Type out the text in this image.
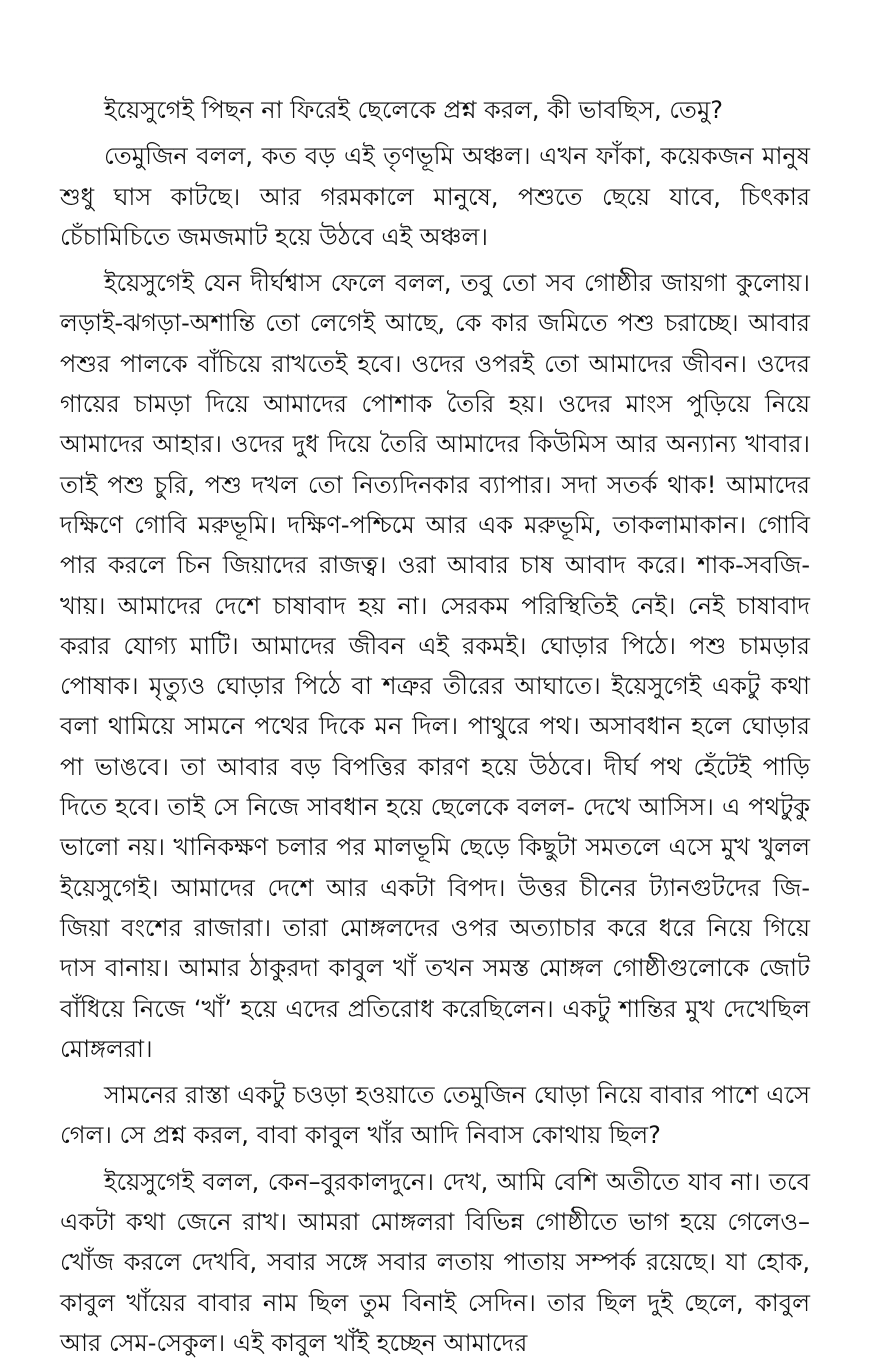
ইয়েসুগেই পিছন না ফিরেই ছেলেকে প্রশ্ন করল, কী ভাবছিস, তেমু?

তেমুজিন বলল, কত বড় এই তৃণভূমি অঞ্চল। এখন ফাঁকা, কয়েকজন মানুষ শুধু ঘাস কাটছে। আর গরমকালে মানুষে, পশুতে ছেয়ে যাবে, চিৎকার চেঁচামিচিতে জমজমাট হয়ে উঠবে এই অঞ্চল।

ইয়েসুগেই যেন দীর্ঘশ্বাস ফেলে বলল, তবু তো সব গোষ্ঠীর জায়গা কুলোয়। লড়াই-ঝগড়া-অশান্তি তো লেগেই আছে, কে কার জমিতে পশু চরাচ্ছে। আবার পশুর পালকে বাঁচিয়ে রাখতেই হবে। ওদের ওপরই তো আমাদের জীবন। ওদের গায়ের চামড়া দিয়ে আমাদের পোশাক তৈরি হয়। ওদের মাংস পুড়িয়ে নিয়ে আমাদের আহার। ওদের দুধ দিয়ে তৈরি আমাদের কিউমিস আর অন্যান্য খাবার। তাই পশু চুরি, পশু দখল তো নিত্যদিনকার ব্যাপার। সদা সতর্ক থাক! আমাদের দক্ষিণে গোবি মরুভূমি। দক্ষিণ-পশ্চিমে আর এক মরুভূমি, তাকলামাকান। গোবি পার করলে চিন জিয়াদের রাজত্ব। ওরা আবার চাষ আবাদ করে। শাক-সবজি-খায়। আমাদের দেশে চাষাবাদ হয় না। সেরকম পরিস্থিতিই নেই। নেই চাষাবাদ করার যোগ্য মাটি। আমাদের জীবন এই রকমই। ঘোড়ার পিঠে। পশু চামড়ার পোষাক। মৃত্যুও ঘোড়ার পিঠে বা শত্রুর তীরের আঘাতে। ইয়েসুগেই একটু কথা বলা থামিয়ে সামনে পথের দিকে মন দিল। পাথুরে পথ। অসাবধান হলে ঘোড়ার পা ভাঙবে। তা আবার বড় বিপত্তির কারণ হয়ে উঠবে। দীর্ঘ পথ হেঁটেই পাড়ি দিতে হবে। তাই সে নিজে সাবধান হয়ে ছেলেকে বলল- দেখে আসিস। এ পথটুকু ভালো নয়। খানিকক্ষণ চলার পর মালভূমি ছেড়ে কিছুটা সমতলে এসে মুখ খুলল ইয়েসুগেই। আমাদের দেশে আর একটা বিপদ। উত্তর চীনের ট্যানগুটদের জি-জিয়া বংশের রাজারা। তারা মোঙ্গলদের ওপর অত্যাচার করে ধরে নিয়ে গিয়ে দাস বানায়। আমার ঠাকুরদা কাবুল খাঁ তখন সমস্ত মোঙ্গল গোষ্ঠীগুলোকে জোট বাঁধিয়ে নিজে ‘খাঁ’ হয়ে এদের প্রতিরোধ করেছিলেন। একটু শান্তির মুখ দেখেছিল মোঙ্গলরা।

সামনের রাস্তা একটু চওড়া হওয়াতে তেমুজিন ঘোড়া নিয়ে বাবার পাশে এসে গেল। সে প্রশ্ন করল, বাবা কাবুল খাঁর আদি নিবাস কোথায় ছিল?

ইয়েসুগেই বলল, কেন–বুরকালদুনে। দেখ, আমি বেশি অতীতে যাব না। তবে একটা কথা জেনে রাখ। আমরা মোঙ্গলরা বিভিন্ন গোষ্ঠীতে ভাগ হয়ে গেলেও– খোঁজ করলে দেখবি, সবার সঙ্গে সবার লতায় পাতায় সম্পর্ক রয়েছে। যা হোক, কাবুল খাঁয়ের বাবার নাম ছিল তুম বিনাই সেদিন। তার ছিল দুই ছেলে, কাবুল আর সেম-সেকুল। এই কাবুল খাঁই হচ্ছেন আমাদের
